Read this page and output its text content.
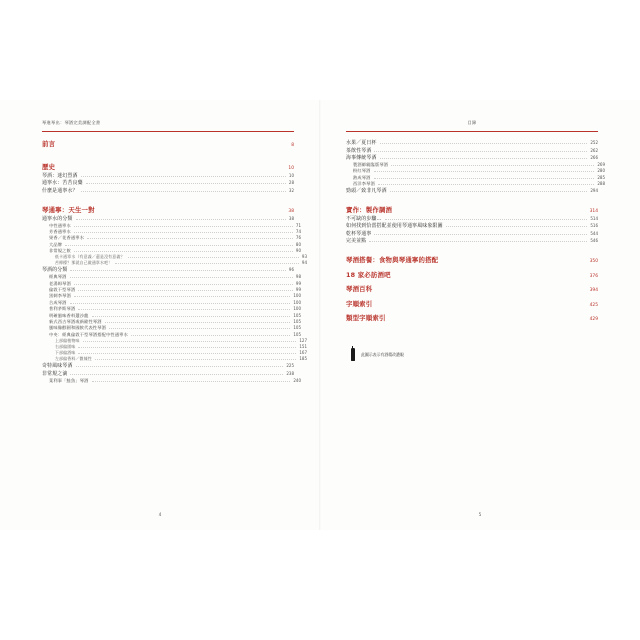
琴進琴出：琴酒完美調配全書
前言	8
歷史	10
琴酒：迷幻烈酒	10
通寧水：苦苦良藥	28
什麼是通寧水？	32
琴通寧：天生一對	38
通寧水的分類	38
中性通寧水	71
芳香通寧水	74
果香／花香通寧水	76
大品牌	80
非常規之飲	90
低卡通寧水（有意義／還是沒有意義？	93
苦檸檬？那就自己做通寧水吧！	94
琴酒的分類	96
經典琴酒	98
老湯姆琴酒	99
倫敦干型琴酒	99
黑刺李琴酒	100
合成琴酒	100
普利茅斯琴酒	100
明確風味香料選沙龍	105
新式西古琴酒或新歐性琴酒	105
風味像醇圓和國飲代表性琴酒	105
中央：經典倫敦干型琴酒搭配中性通寧水	105
上部偏植物味	127
右部偏園味	151
下部偏酒味	167
左部偏香料／微辣性	185
奇特風味琴酒	225
非常規之滴	238
萊利事「鮭魚」琴酒	240
4
目錄
水果／夏日杯	252
茶飲性琴酒	262
海事傳統琴酒	266
製酒師親臨版琴酒	269
粉紅琴酒	280
熱成琴酒	285
西洋李琴酒	288
勁頭／致非凡琴酒	294
實作：製作調酒	314
不可缺的步驟…	514
如何找到恰當搭配並使用琴通寧風味象限圖	516
乾杯琴通寧	544
完美並點	546
琴酒搭餐：食物與琴通寧的搭配	350
18 家必訪酒吧	376
琴酒百科	394
字順索引	425
類型字順索引	429
此圖示表示有酒精改濃眼
5
